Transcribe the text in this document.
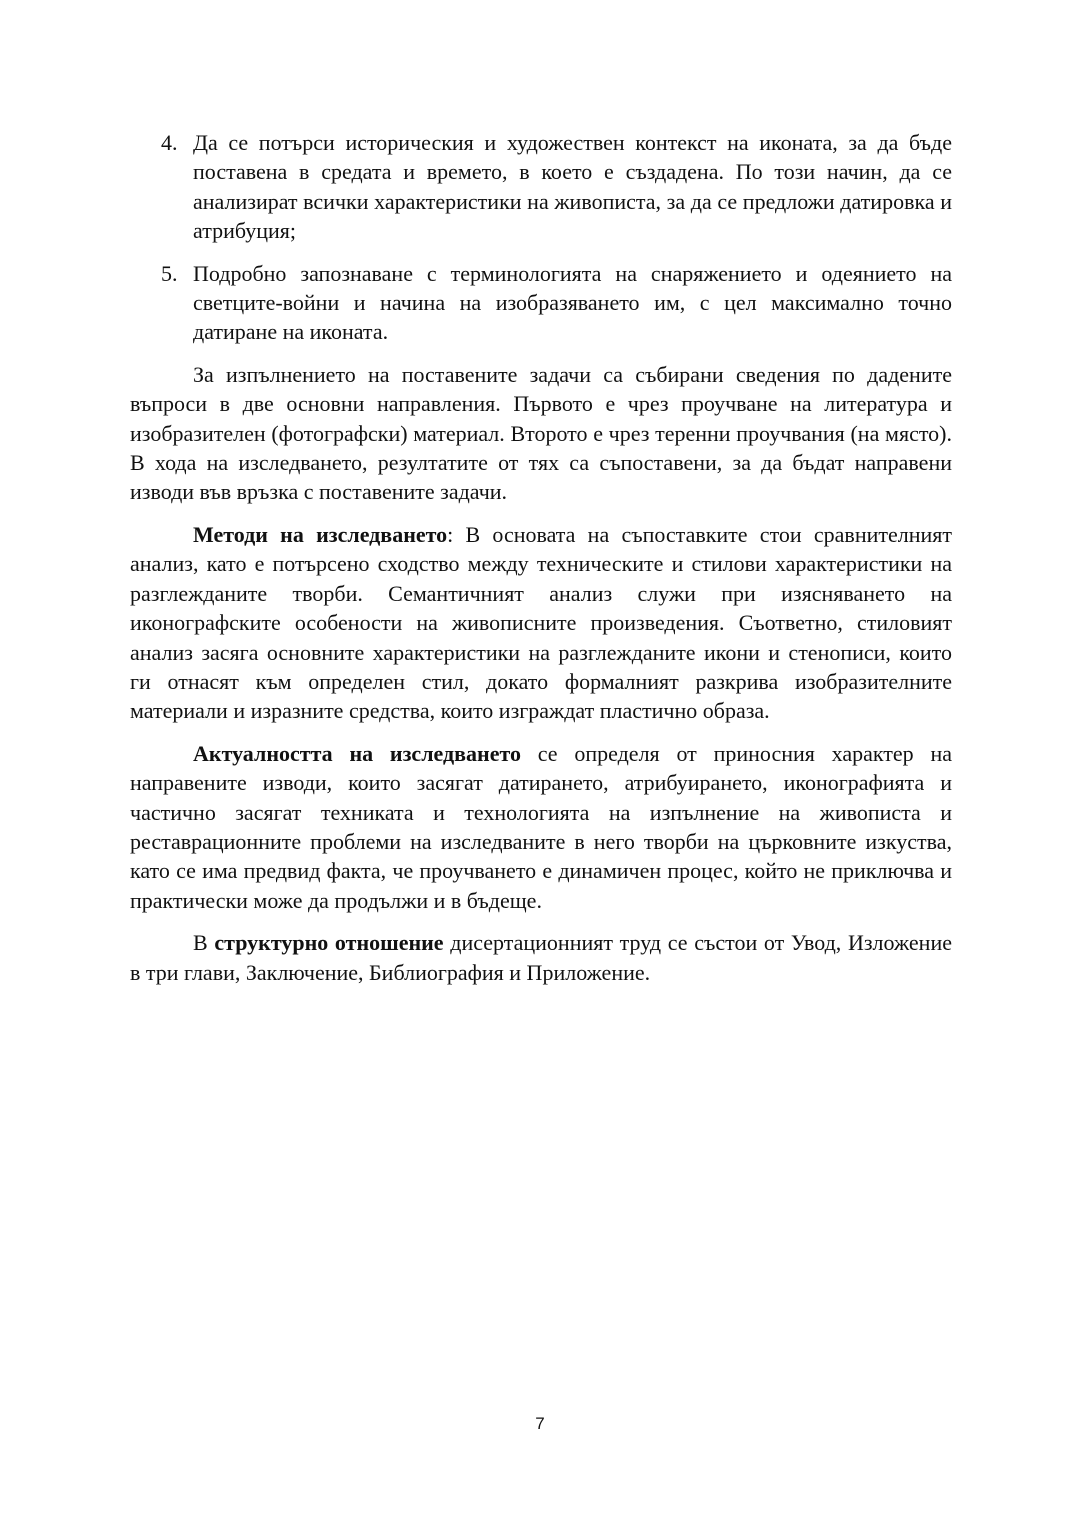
4. Да се потърси историческия и художествен контекст на иконата, за да бъде поставена в средата и времето, в което е създадена. По този начин, да се анализират всички характеристики на живописта, за да се предложи датировка и атрибуция;
5. Подробно запознаване с терминологията на снаряжението и одеянието на светците-войни и начина на изобразяването им, с цел максимално точно датиране на иконата.

За изпълнението на поставените задачи са събирани сведения по дадените въпроси в две основни направления. Първото е чрез проучване на литература и изобразителен (фотографски) материал. Второто е чрез теренни проучвания (на място). В хода на изследването, резултатите от тях са съпоставени, за да бъдат направени изводи във връзка с поставените задачи.

Методи на изследването: В основата на съпоставките стои сравнителният анализ, като е потърсено сходство между техническите и стилови характеристики на разглежданите творби. Семантичният анализ служи при изясняването на иконографските особености на живописните произведения. Съответно, стиловият анализ засяга основните характеристики на разглежданите икони и стенописи, които ги отнасят към определен стил, докато формалният разкрива изобразителните материали и изразните средства, които изграждат пластично образа.

Актуалността на изследването се определя от приносния характер на направените изводи, които засягат датирането, атрибуирането, иконографията и частично засягат техниката и технологията на изпълнение на живописта и реставрационните проблеми на изследваните в него творби на църковните изкуства, като се има предвид факта, че проучването е динамичен процес, който не приключва и практически може да продължи и в бъдеще.

В структурно отношение дисертационният труд се състои от Увод, Изложение в три глави, Заключение, Библиография и Приложение.

7
